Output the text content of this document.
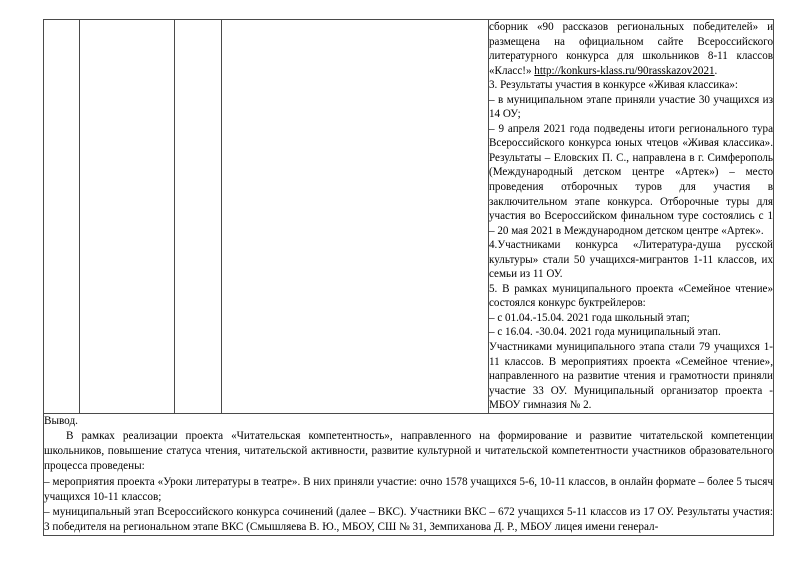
сборник «90 рассказов региональных победителей» и размещена на официальном сайте Всероссийского литературного конкурса для школьников 8-11 классов «Класс!» http://konkurs-klass.ru/90rasskazov2021.

3. Результаты участия в конкурсе «Живая классика»:

– в муниципальном этапе приняли участие 30 учащихся из 14 ОУ;

– 9 апреля 2021 года подведены итоги регионального тура Всероссийского конкурса юных чтецов «Живая классика». Результаты – Еловских П. С., направлена в г. Симферополь (Международный детском центре «Артек») – место проведения отборочных туров для участия в заключительном этапе конкурса. Отборочные туры для участия во Всероссийском финальном туре состоялись с 1 – 20 мая 2021 в Международном детском центре «Артек».

4.Участниками конкурса «Литература-душа русской культуры» стали 50 учащихся-мигрантов 1-11 классов, их семьи из 11 ОУ.

5. В рамках муниципального проекта «Семейное чтение» состоялся конкурс буктрейлеров:

– с 01.04.-15.04. 2021 года школьный этап;

– с 16.04. -30.04. 2021 года муниципальный этап.

Участниками муниципального этапа стали 79 учащихся 1-11 классов. В мероприятиях проекта «Семейное чтение», направленного на развитие чтения и грамотности приняли участие 33 ОУ. Муниципальный организатор проекта - МБОУ гимназия № 2.

Вывод.

В рамках реализации проекта «Читательская компетентность», направленного на формирование и развитие читательской компетенции школьников, повышение статуса чтения, читательской активности, развитие культурной и читательской компетентности участников образовательного процесса проведены:

– мероприятия проекта «Уроки литературы в театре». В них приняли участие: очно 1578 учащихся 5-6, 10-11 классов, в онлайн формате – более 5 тысяч учащихся 10-11 классов;

– муниципальный этап Всероссийского конкурса сочинений (далее – ВКС). Участники ВКС – 672 учащихся 5-11 классов из 17 ОУ. Результаты участия: 3 победителя на региональном этапе ВКС (Смышляева В. Ю., МБОУ, СШ № 31, Земпиханова Д. Р., МБОУ лицея имени генерал-
